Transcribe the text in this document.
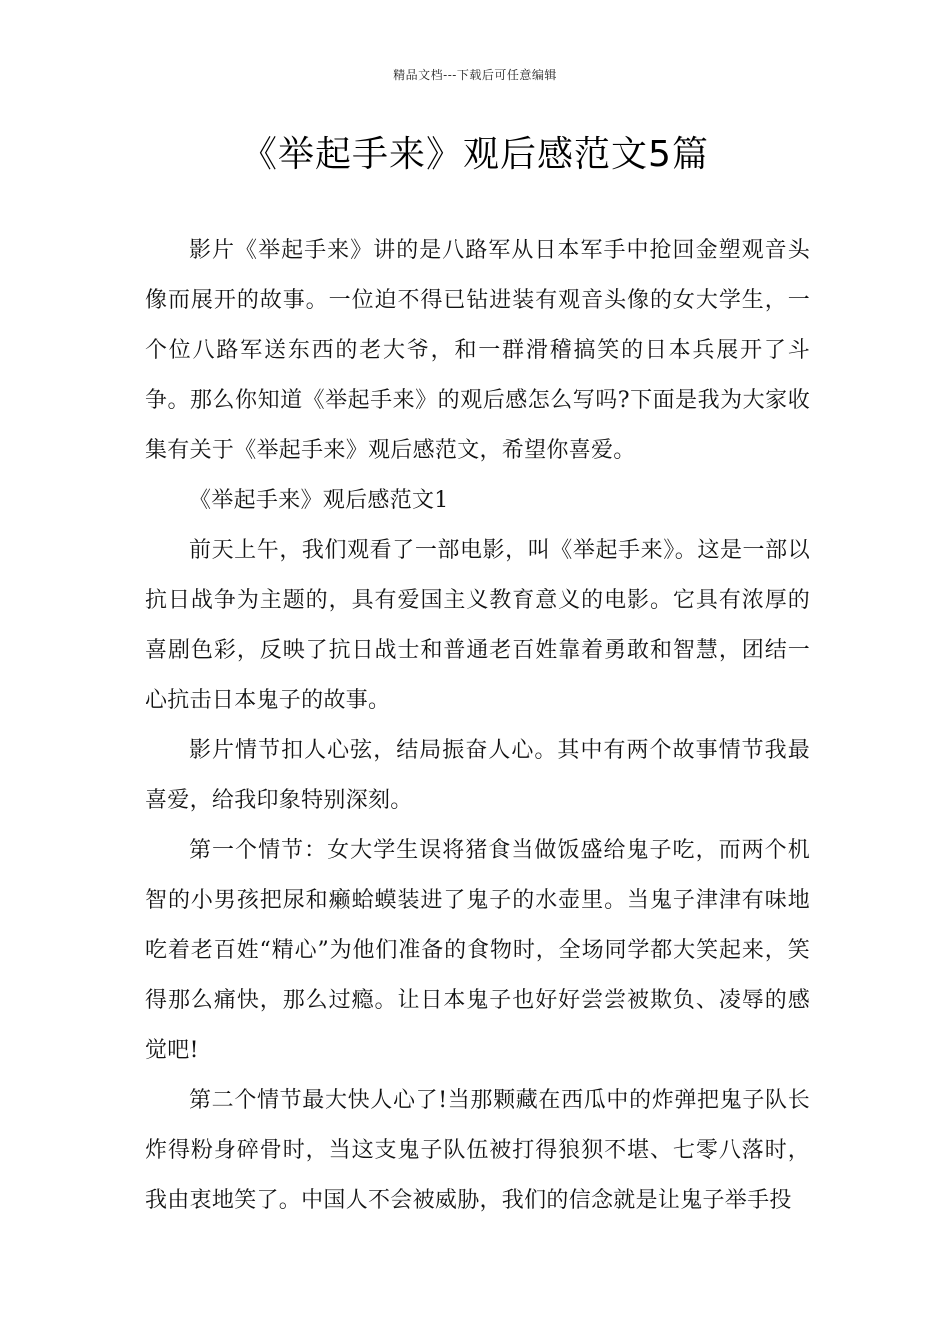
精品文档---下载后可任意编辑
《举起手来》观后感范文5篇

影片《举起手来》讲的是八路军从日本军手中抢回金塑观音头像而展开的故事。一位迫不得已钻进装有观音头像的女大学生，一个位八路军送东西的老大爷，和一群滑稽搞笑的日本兵展开了斗争。那么你知道《举起手来》的观后感怎么写吗?下面是我为大家收集有关于《举起手来》观后感范文，希望你喜爱。

《举起手来》观后感范文1

前天上午，我们观看了一部电影，叫《举起手来》。这是一部以抗日战争为主题的，具有爱国主义教育意义的电影。它具有浓厚的喜剧色彩，反映了抗日战士和普通老百姓靠着勇敢和智慧，团结一心抗击日本鬼子的故事。

影片情节扣人心弦，结局振奋人心。其中有两个故事情节我最喜爱，给我印象特别深刻。

第一个情节：女大学生误将猪食当做饭盛给鬼子吃，而两个机智的小男孩把尿和癞蛤蟆装进了鬼子的水壶里。当鬼子津津有味地吃着老百姓“精心”为他们准备的食物时，全场同学都大笑起来，笑得那么痛快，那么过瘾。让日本鬼子也好好尝尝被欺负、凌辱的感觉吧!

第二个情节最大快人心了!当那颗藏在西瓜中的炸弹把鬼子队长炸得粉身碎骨时，当这支鬼子队伍被打得狼狈不堪、七零八落时，我由衷地笑了。中国人不会被威胁，我们的信念就是让鬼子举手投
